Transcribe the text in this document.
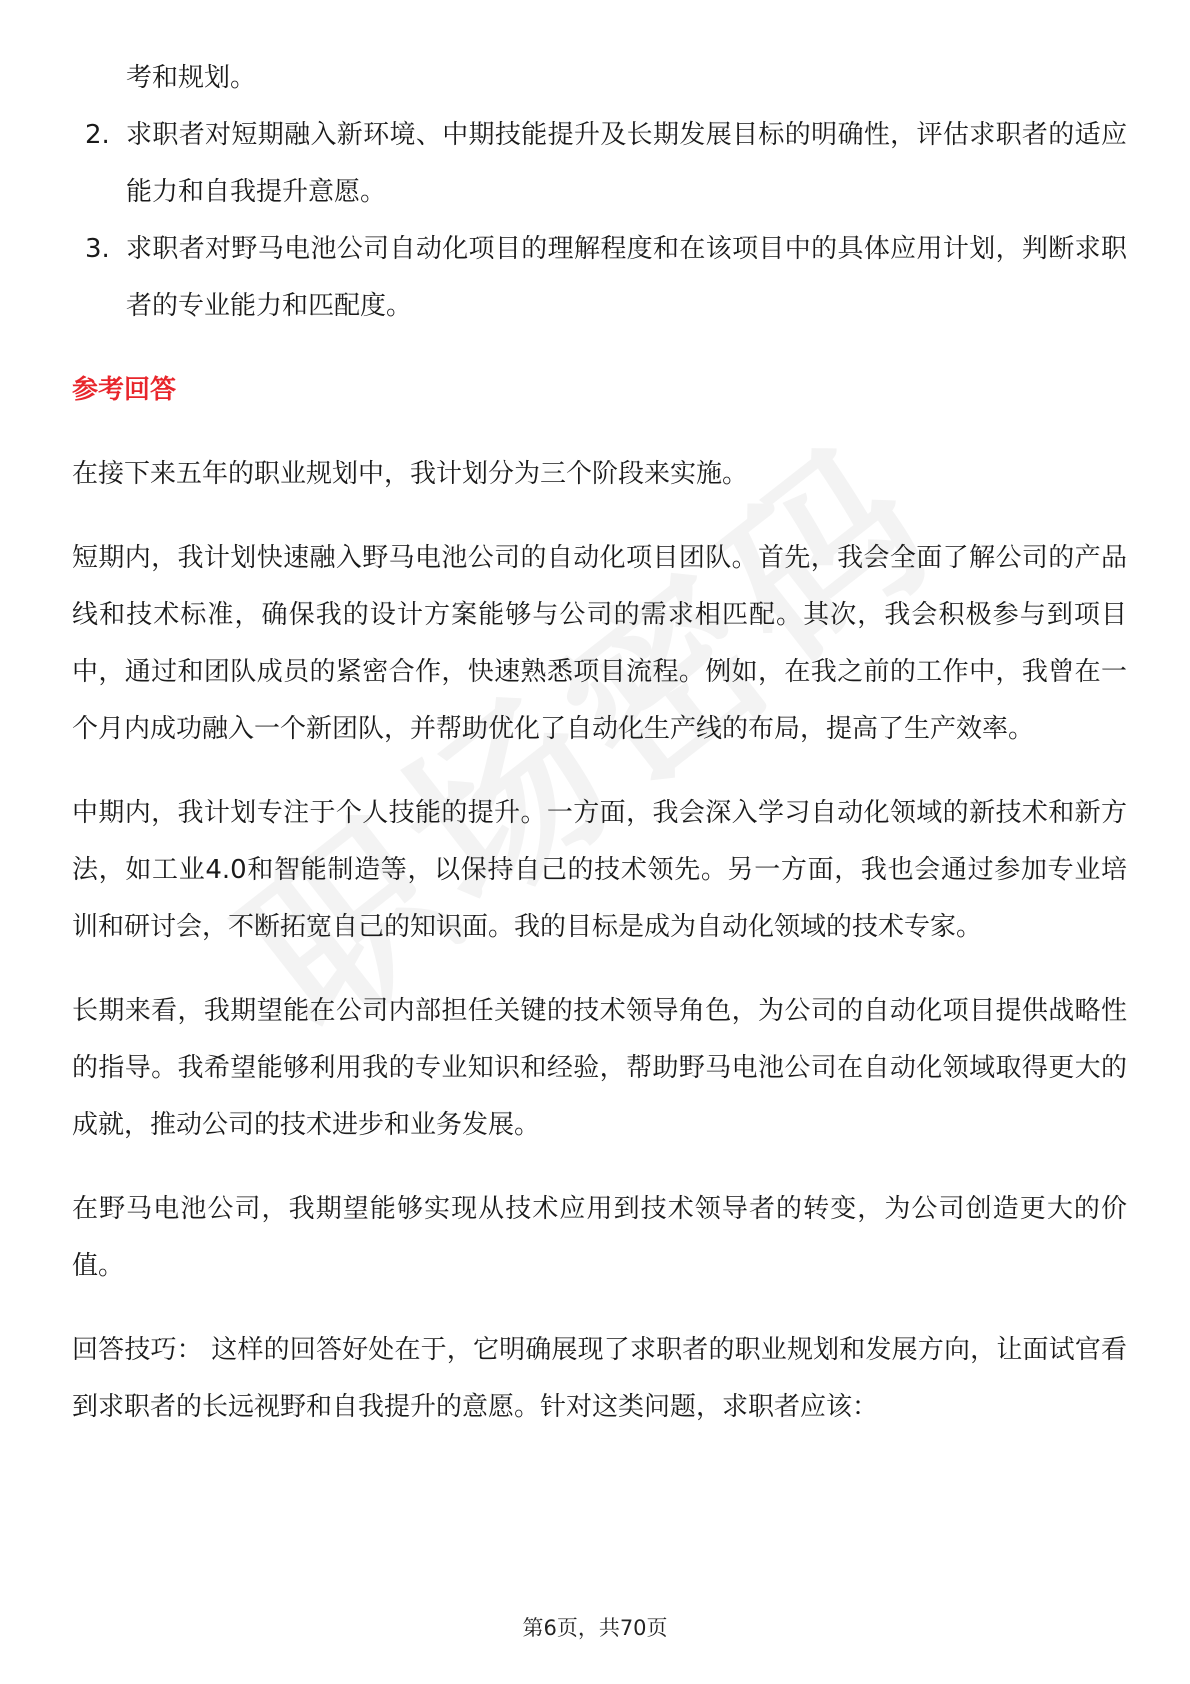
考和规划。

2. 求职者对短期融入新环境、中期技能提升及长期发展目标的明确性，评估求职者的适应能力和自我提升意愿。

3. 求职者对野马电池公司自动化项目的理解程度和在该项目中的具体应用计划，判断求职者的专业能力和匹配度。

参考回答

在接下来五年的职业规划中，我计划分为三个阶段来实施。

短期内，我计划快速融入野马电池公司的自动化项目团队。首先，我会全面了解公司的产品线和技术标准，确保我的设计方案能够与公司的需求相匹配。其次，我会积极参与到项目中，通过和团队成员的紧密合作，快速熟悉项目流程。例如，在我之前的工作中，我曾在一个月内成功融入一个新团队，并帮助优化了自动化生产线的布局，提高了生产效率。

中期内，我计划专注于个人技能的提升。一方面，我会深入学习自动化领域的新技术和新方法，如工业4.0和智能制造等，以保持自己的技术领先。另一方面，我也会通过参加专业培训和研讨会，不断拓宽自己的知识面。我的目标是成为自动化领域的技术专家。

长期来看，我期望能在公司内部担任关键的技术领导角色，为公司的自动化项目提供战略性的指导。我希望能够利用我的专业知识和经验，帮助野马电池公司在自动化领域取得更大的成就，推动公司的技术进步和业务发展。

在野马电池公司，我期望能够实现从技术应用到技术领导者的转变，为公司创造更大的价值。

回答技巧： 这样的回答好处在于，它明确展现了求职者的职业规划和发展方向，让面试官看到求职者的长远视野和自我提升的意愿。针对这类问题，求职者应该：

第6页，共70页
